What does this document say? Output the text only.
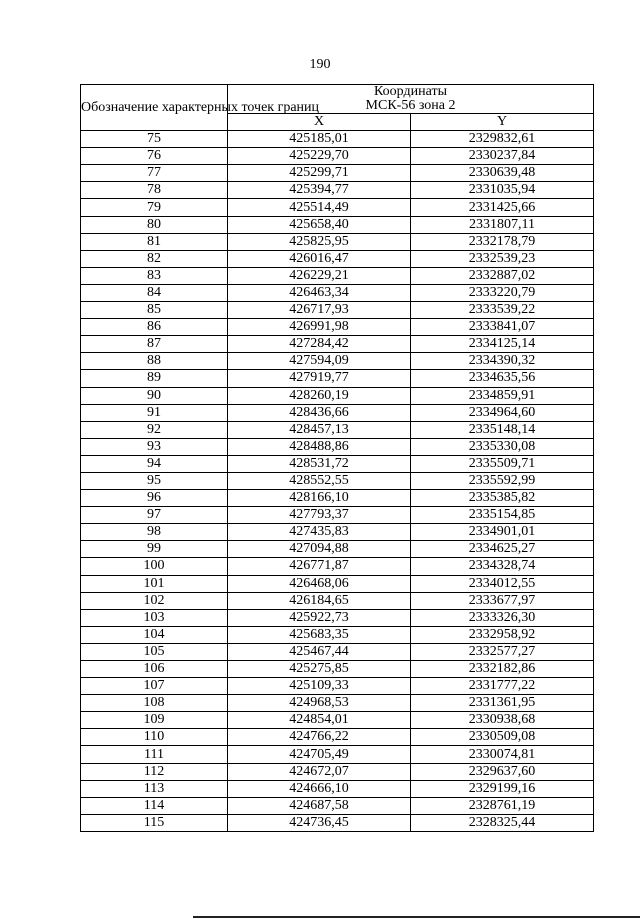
190
Обозначение характерных точек границ	Координаты
МСК-56 зона 2	

	X	Y
75	425185,01	2329832,61
76	425229,70	2330237,84
77	425299,71	2330639,48
78	425394,77	2331035,94
79	425514,49	2331425,66
80	425658,40	2331807,11
81	425825,95	2332178,79
82	426016,47	2332539,23
83	426229,21	2332887,02
84	426463,34	2333220,79
85	426717,93	2333539,22
86	426991,98	2333841,07
87	427284,42	2334125,14
88	427594,09	2334390,32
89	427919,77	2334635,56
90	428260,19	2334859,91
91	428436,66	2334964,60
92	428457,13	2335148,14
93	428488,86	2335330,08
94	428531,72	2335509,71
95	428552,55	2335592,99
96	428166,10	2335385,82
97	427793,37	2335154,85
98	427435,83	2334901,01
99	427094,88	2334625,27
100	426771,87	2334328,74
101	426468,06	2334012,55
102	426184,65	2333677,97
103	425922,73	2333326,30
104	425683,35	2332958,92
105	425467,44	2332577,27
106	425275,85	2332182,86
107	425109,33	2331777,22
108	424968,53	2331361,95
109	424854,01	2330938,68
110	424766,22	2330509,08
111	424705,49	2330074,81
112	424672,07	2329637,60
113	424666,10	2329199,16
114	424687,58	2328761,19
115	424736,45	2328325,44
